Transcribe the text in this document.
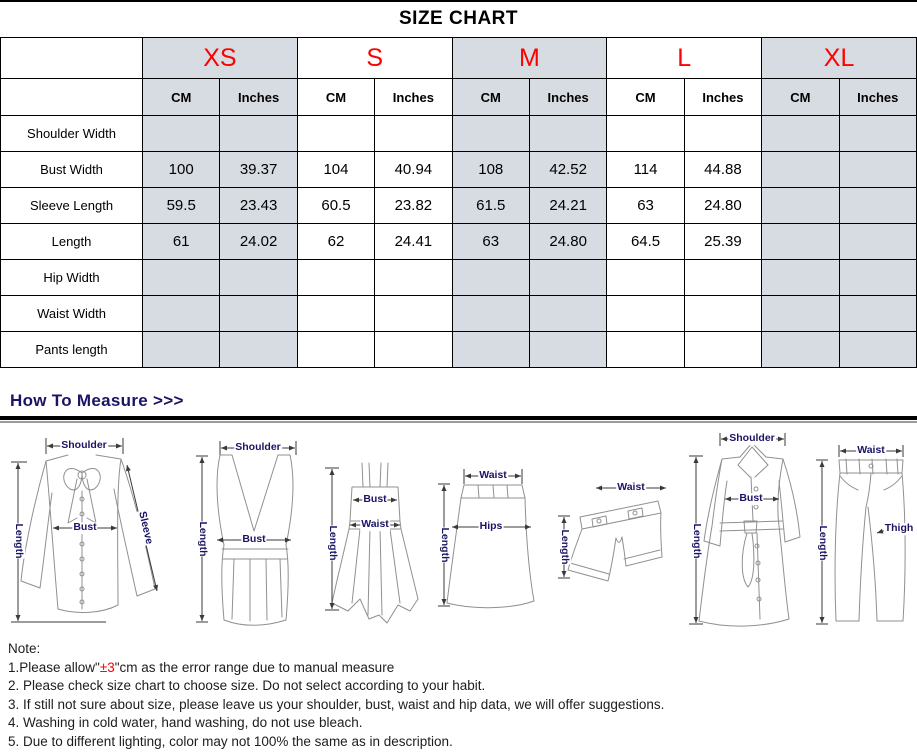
SIZE CHART
	XS		S		M		L		XL	
	CM	Inches	CM	Inches	CM	Inches	CM	Inches	CM	Inches
Shoulder Width										
Bust Width	100	39.37	104	40.94	108	42.52	114	44.88		
Sleeve Length	59.5	23.43	60.5	23.82	61.5	24.21	63	24.80		
Length	61	24.02	62	24.41	63	24.80	64.5	25.39		
Hip Width										
Waist Width										
Pants length										
How To Measure >>>
Shoulder
Bust	Sleeve
Length
Shoulder
Bust
Length
Bust
Waist
Length
Waist
Hips
Length
Waist
Length
Shoulder
Bust
Length
Waist
Thigh
Length
Note:
1.Please allow"±3"cm as the error range due to manual measure
2. Please check size chart to choose size. Do not select according to your habit.
3. If still not sure about size, please leave us your shoulder, bust, waist and hip data, we will offer suggestions.
4. Washing in cold water, hand washing, do not use bleach.
5. Due to different lighting, color may not 100% the same as in description.
